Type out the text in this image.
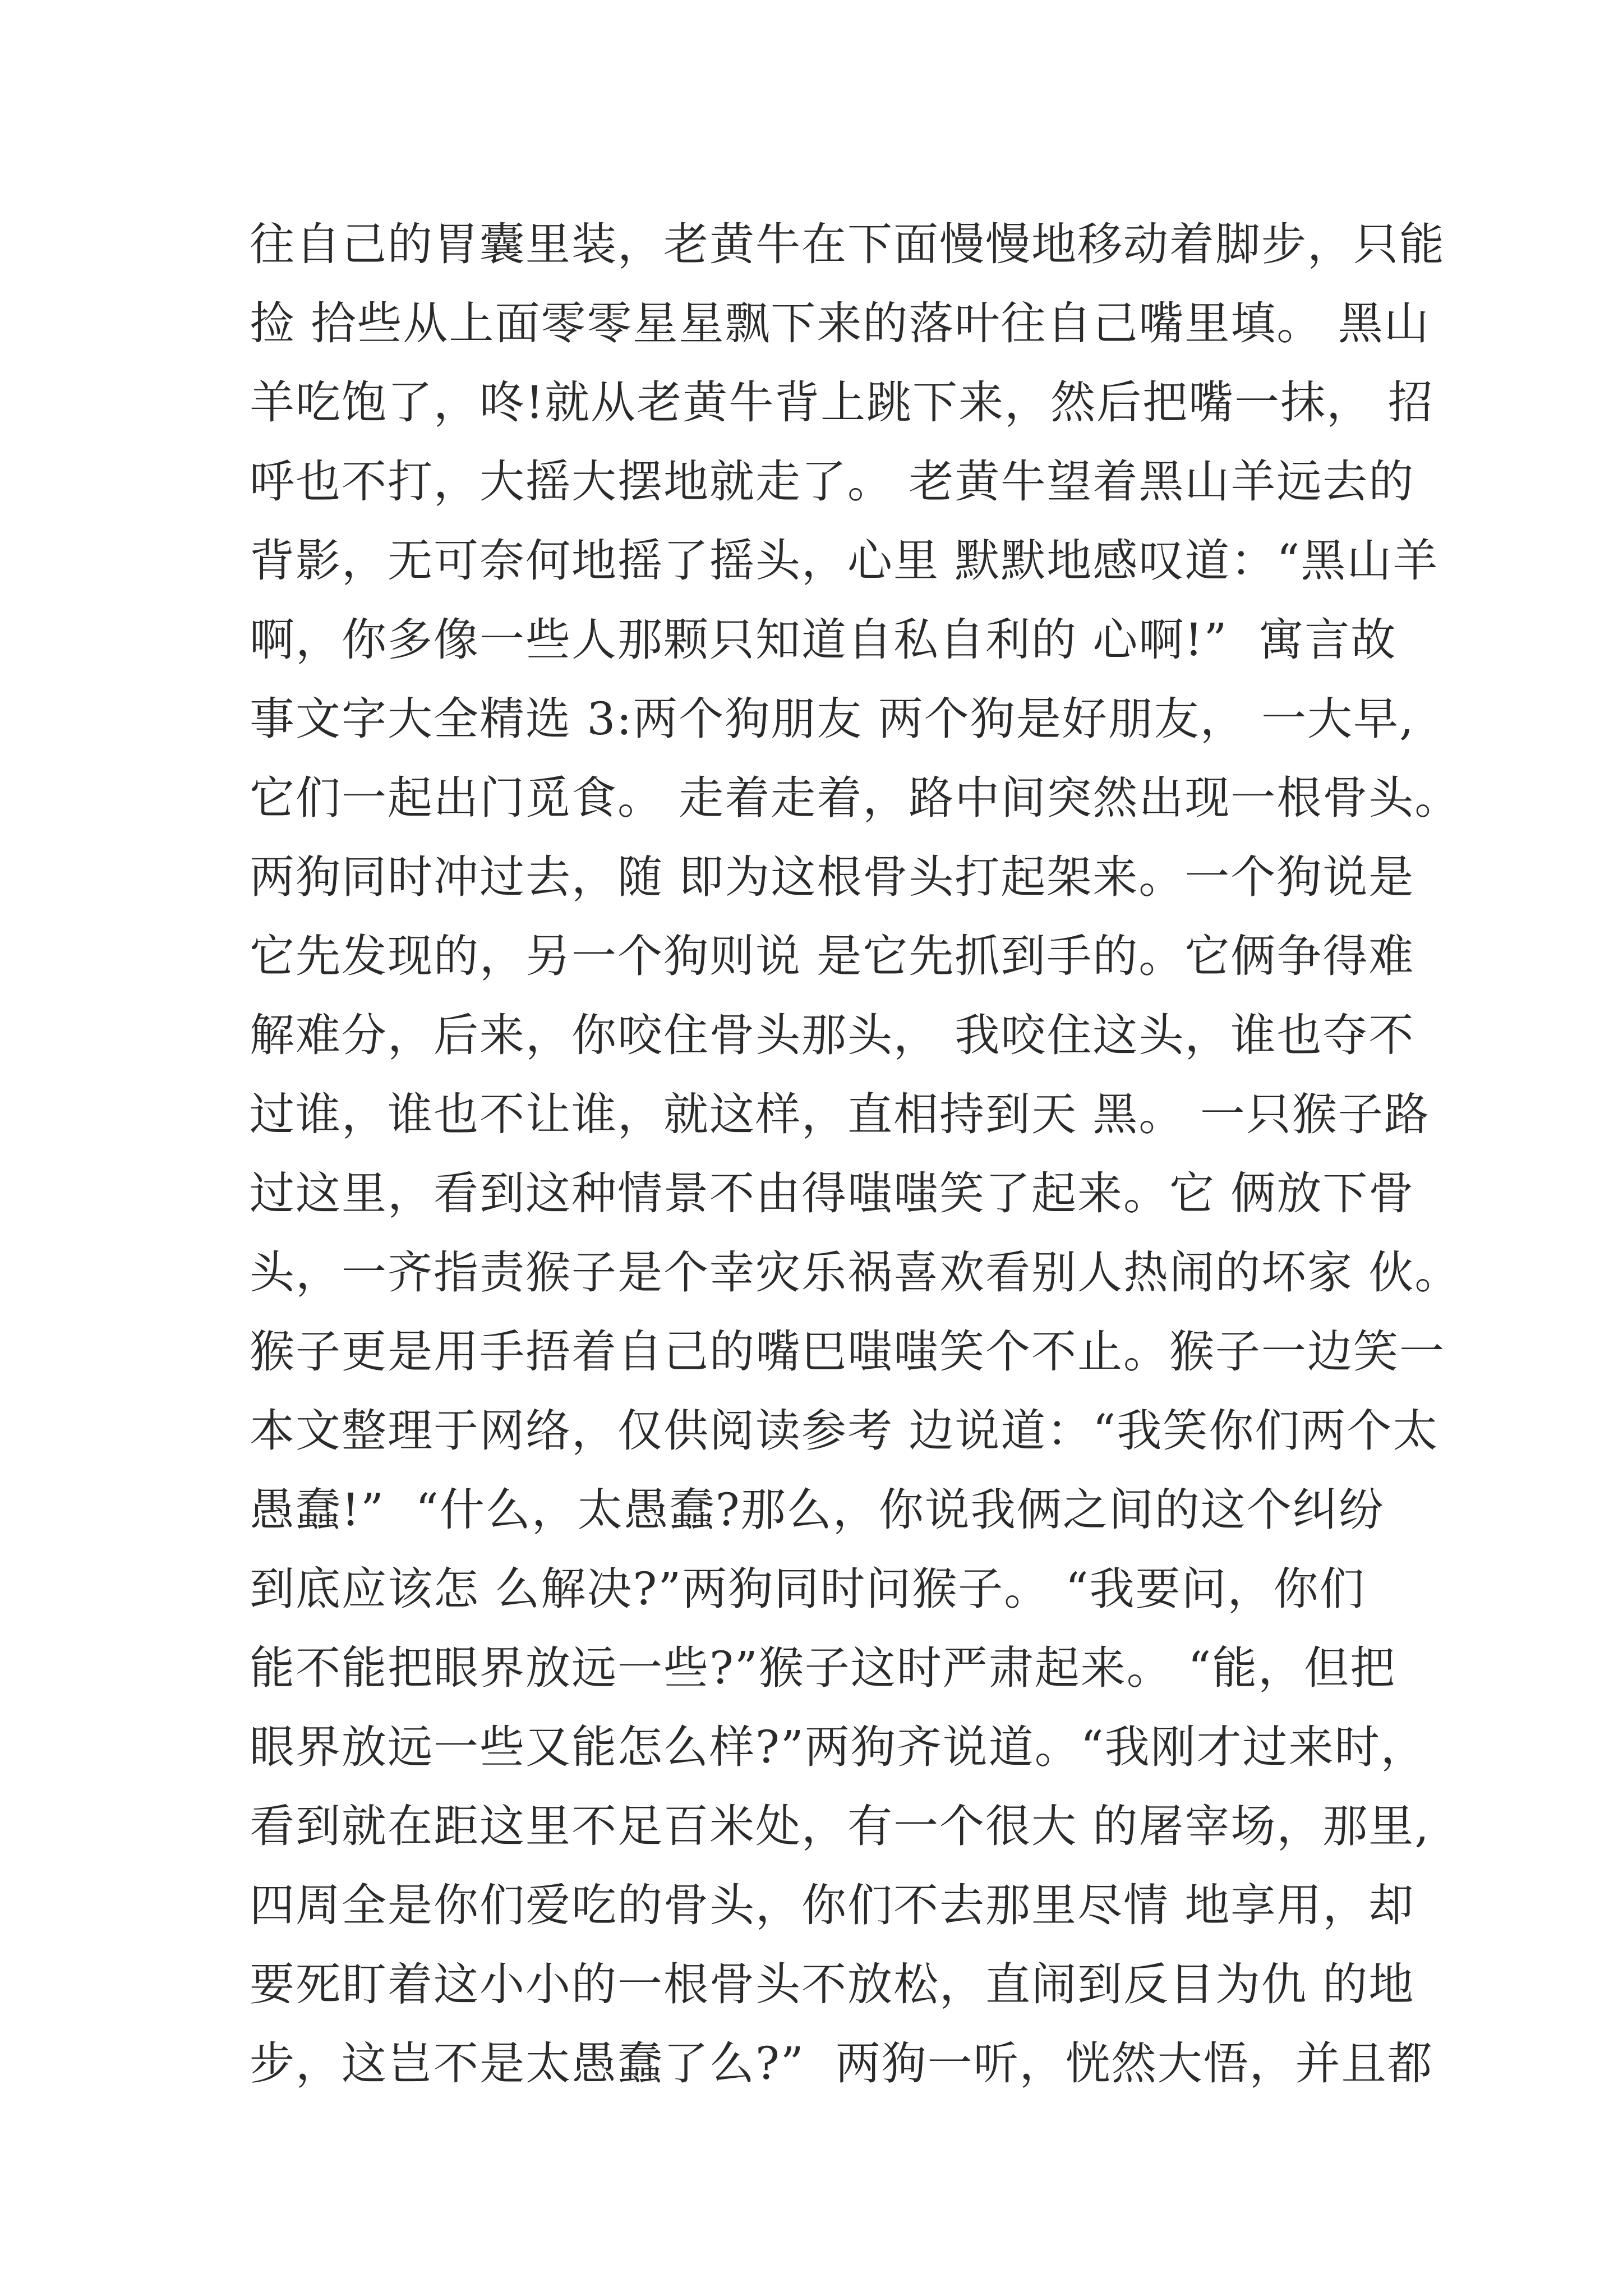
往自己的胃囊里装，老黄牛在下面慢慢地移动着脚步，只能
捡 拾些从上面零零星星飘下来的落叶往自己嘴里填。 黑山
羊吃饱了，咚!就从老黄牛背上跳下来，然后把嘴一抹， 招
呼也不打，大摇大摆地就走了。 老黄牛望着黑山羊远去的
背影，无可奈何地摇了摇头，心里 默默地感叹道：“黑山羊
啊，你多像一些人那颗只知道自私自利的 心啊!”  寓言故
事文字大全精选 3:两个狗朋友 两个狗是好朋友， 一大早,
它们一起出门觅食。 走着走着，路中间突然出现一根骨头。
两狗同时冲过去，随 即为这根骨头打起架来。一个狗说是
它先发现的，另一个狗则说 是它先抓到手的。它俩争得难
解难分，后来，你咬住骨头那头， 我咬住这头，谁也夺不
过谁，谁也不让谁，就这样，直相持到天 黑。 一只猴子路
过这里，看到这种情景不由得嗤嗤笑了起来。它 俩放下骨
头，一齐指责猴子是个幸灾乐祸喜欢看别人热闹的坏家 伙。
猴子更是用手捂着自己的嘴巴嗤嗤笑个不止。猴子一边笑一
本文整理于网络，仅供阅读参考 边说道：“我笑你们两个太
愚蠢!”  “什么，太愚蠢?那么，你说我俩之间的这个纠纷
到底应该怎 么解决?”两狗同时问猴子。 “我要问，你们
能不能把眼界放远一些?”猴子这时严肃起来。 “能，但把
眼界放远一些又能怎么样?”两狗齐说道。“我刚才过来时，
看到就在距这里不足百米处，有一个很大 的屠宰场，那里,
四周全是你们爱吃的骨头，你们不去那里尽情 地享用，却
要死盯着这小小的一根骨头不放松，直闹到反目为仇 的地
步，这岂不是太愚蠢了么?”  两狗一听，恍然大悟，并且都
